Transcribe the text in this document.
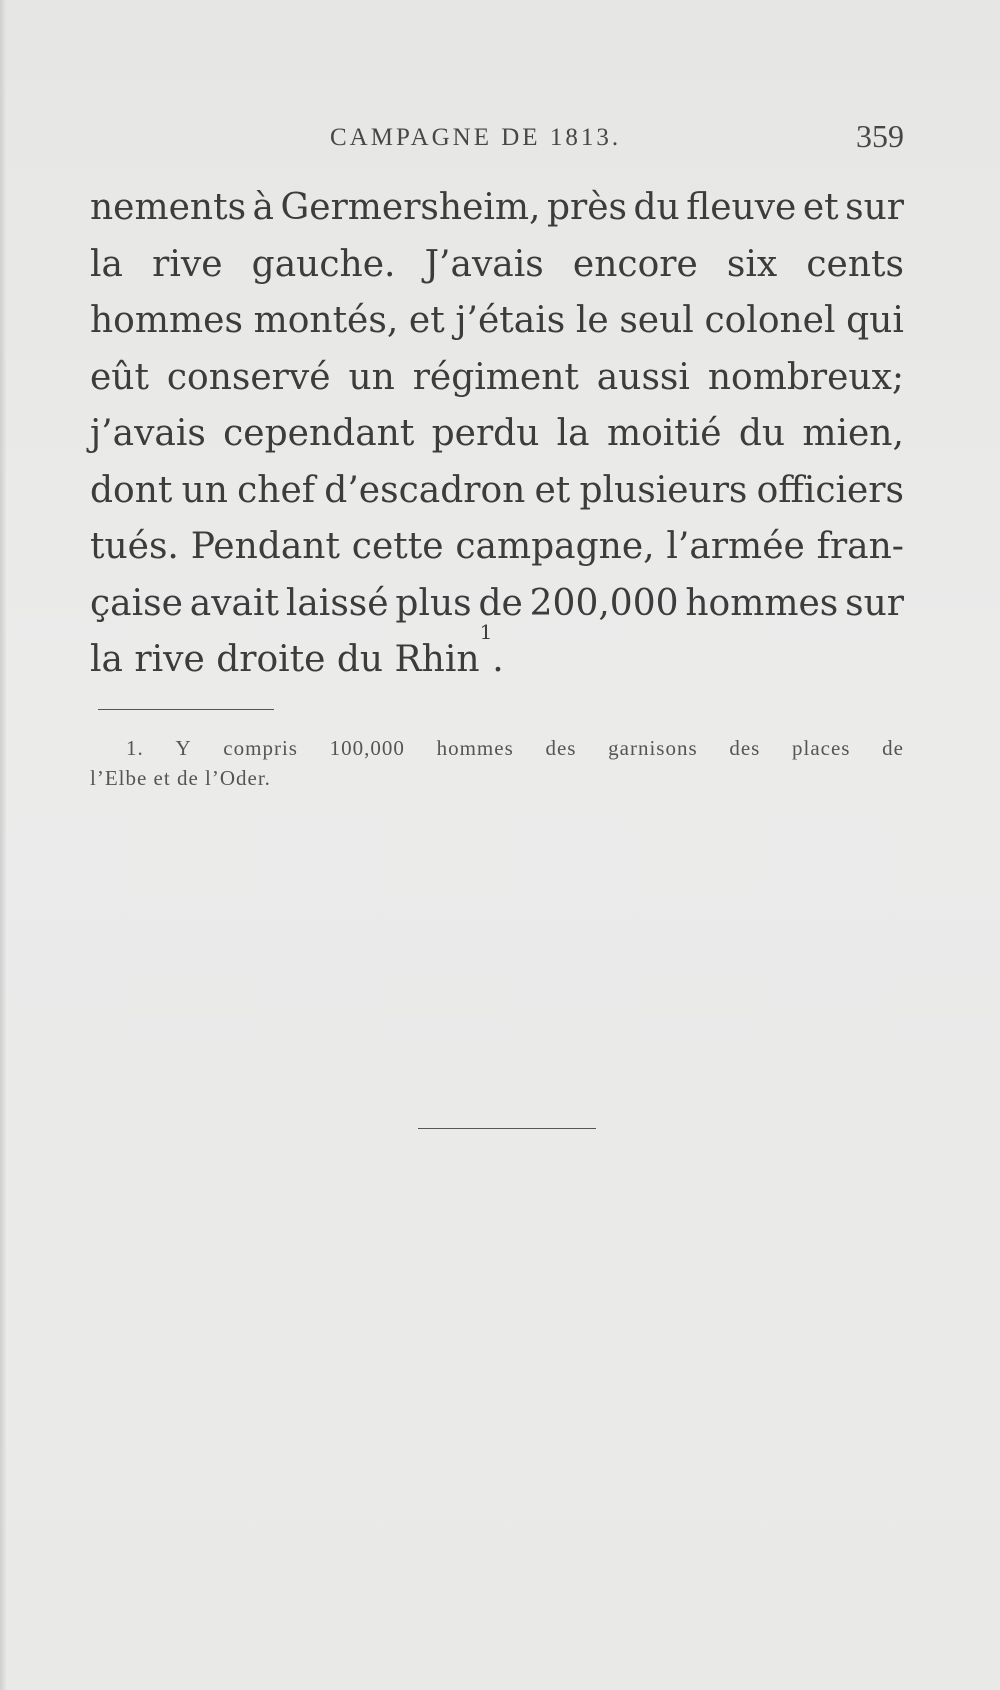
CAMPAGNE DE 1813.	359
nements à Germersheim, près du fleuve et sur
la rive gauche. J’avais encore six cents
hommes montés, et j’étais le seul colonel qui
eût conservé un régiment aussi nombreux;
j’avais cependant perdu la moitié du mien,
dont un chef d’escadron et plusieurs officiers
tués. Pendant cette campagne, l’armée fran-
çaise avait laissé plus de 200,000 hommes sur
la rive droite du Rhin
1
.
1. Y compris 100,000 hommes des garnisons des places de
l’Elbe et de l’Oder.
